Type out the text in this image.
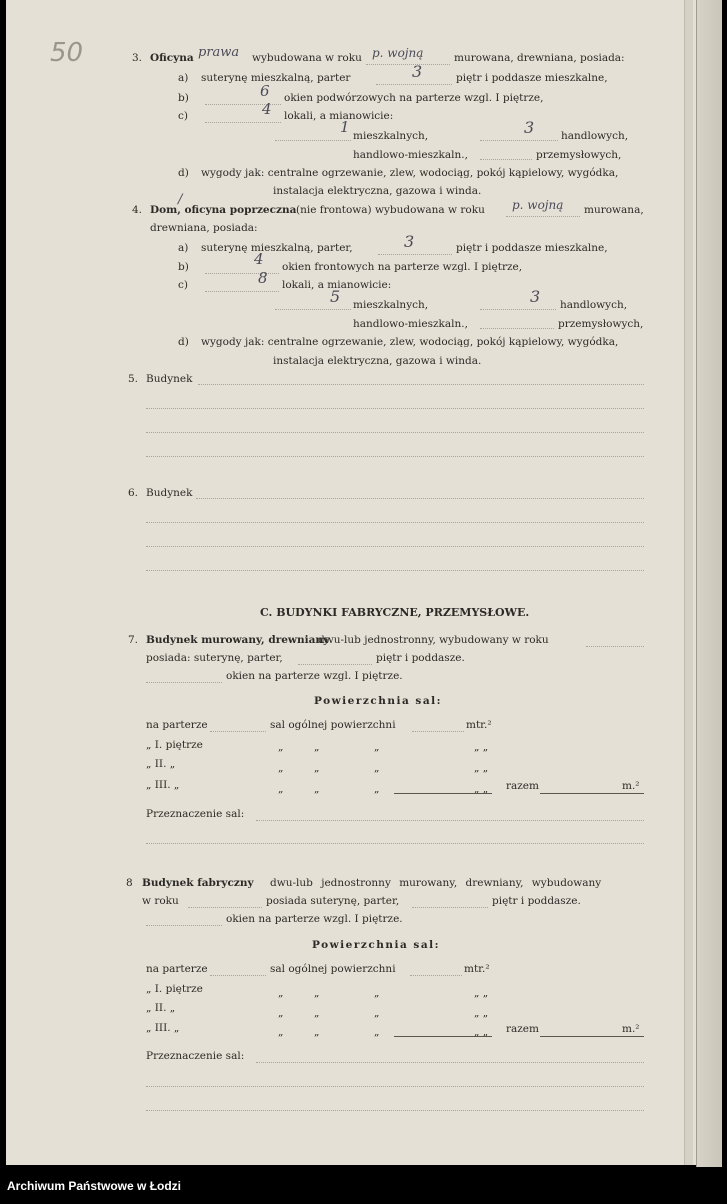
50	3. Oficyna prawa wybudowana w roku p. wojną	murowana, drewniana, posiada:
a) suterynę mieszkalną, parter	3	piętr i poddasze mieszkalne,
b)	6 okien podwórzowych na parterze wzgl. I piętrze,
c)	4 lokali, a mianowicie:
1 mieszkalnych,	3	handlowych,
handlowo-mieszkaln.,	przemysłowych,
d) wygody jak: centralne ogrzewanie, zlew, wodociąg, pokój kąpielowy, wygódka,
instalacja elektryczna, gazowa i winda.
4. Dom, oficyna poprzeczna
/
(nie frontowa) wybudowana w roku p. wojną murowana,
drewniana, posiada:
a) suterynę mieszkalną, parter,	3	piętr i poddasze mieszkalne,
b)	4 okien frontowych na parterze wzgl. I piętrze,
c)	8 lokali, a mianowicie:
5 mieszkalnych,	3 handlowych,
handlowo-mieszkaln.,	przemysłowych,
d) wygody jak: centralne ogrzewanie, zlew, wodociąg, pokój kąpielowy, wygódka,
instalacja elektryczna, gazowa i winda.
5. Budynek
6. Budynek
C. BUDYNKI FABRYCZNE, PRZEMYSŁOWE.
7. Budynek murowany, drewniany
dwu-lub jednostronny, wybudowany w roku
posiada: suterynę, parter,	piętr i poddasze.
okien na parterze wzgl. I piętrze.
Powierzchnia sal:
na parterze	sal ogólnej powierzchni	mtr.²
„ I. piętrze	„	„	„	„ „
„ II. „	„	„	„	„ „
„ III. „	„	„	„	„ „ razem	m.²
Przeznaczenie sal:
8 Budynek fabryczny dwu-lub jednostronny murowany, drewniany, wybudowany
w roku	posiada suterynę, parter,	piętr i poddasze.
okien na parterze wzgl. I piętrze.
Powierzchnia sal:
na parterze	sal ogólnej powierzchni	mtr.²
„ I. piętrze	„	„	„	„ „
„ II. „	„	„	„	„ „
„ III. „	„	„	„	„ „ razem	m.²
Przeznaczenie sal:
Archiwum Państwowe w Łodzi
